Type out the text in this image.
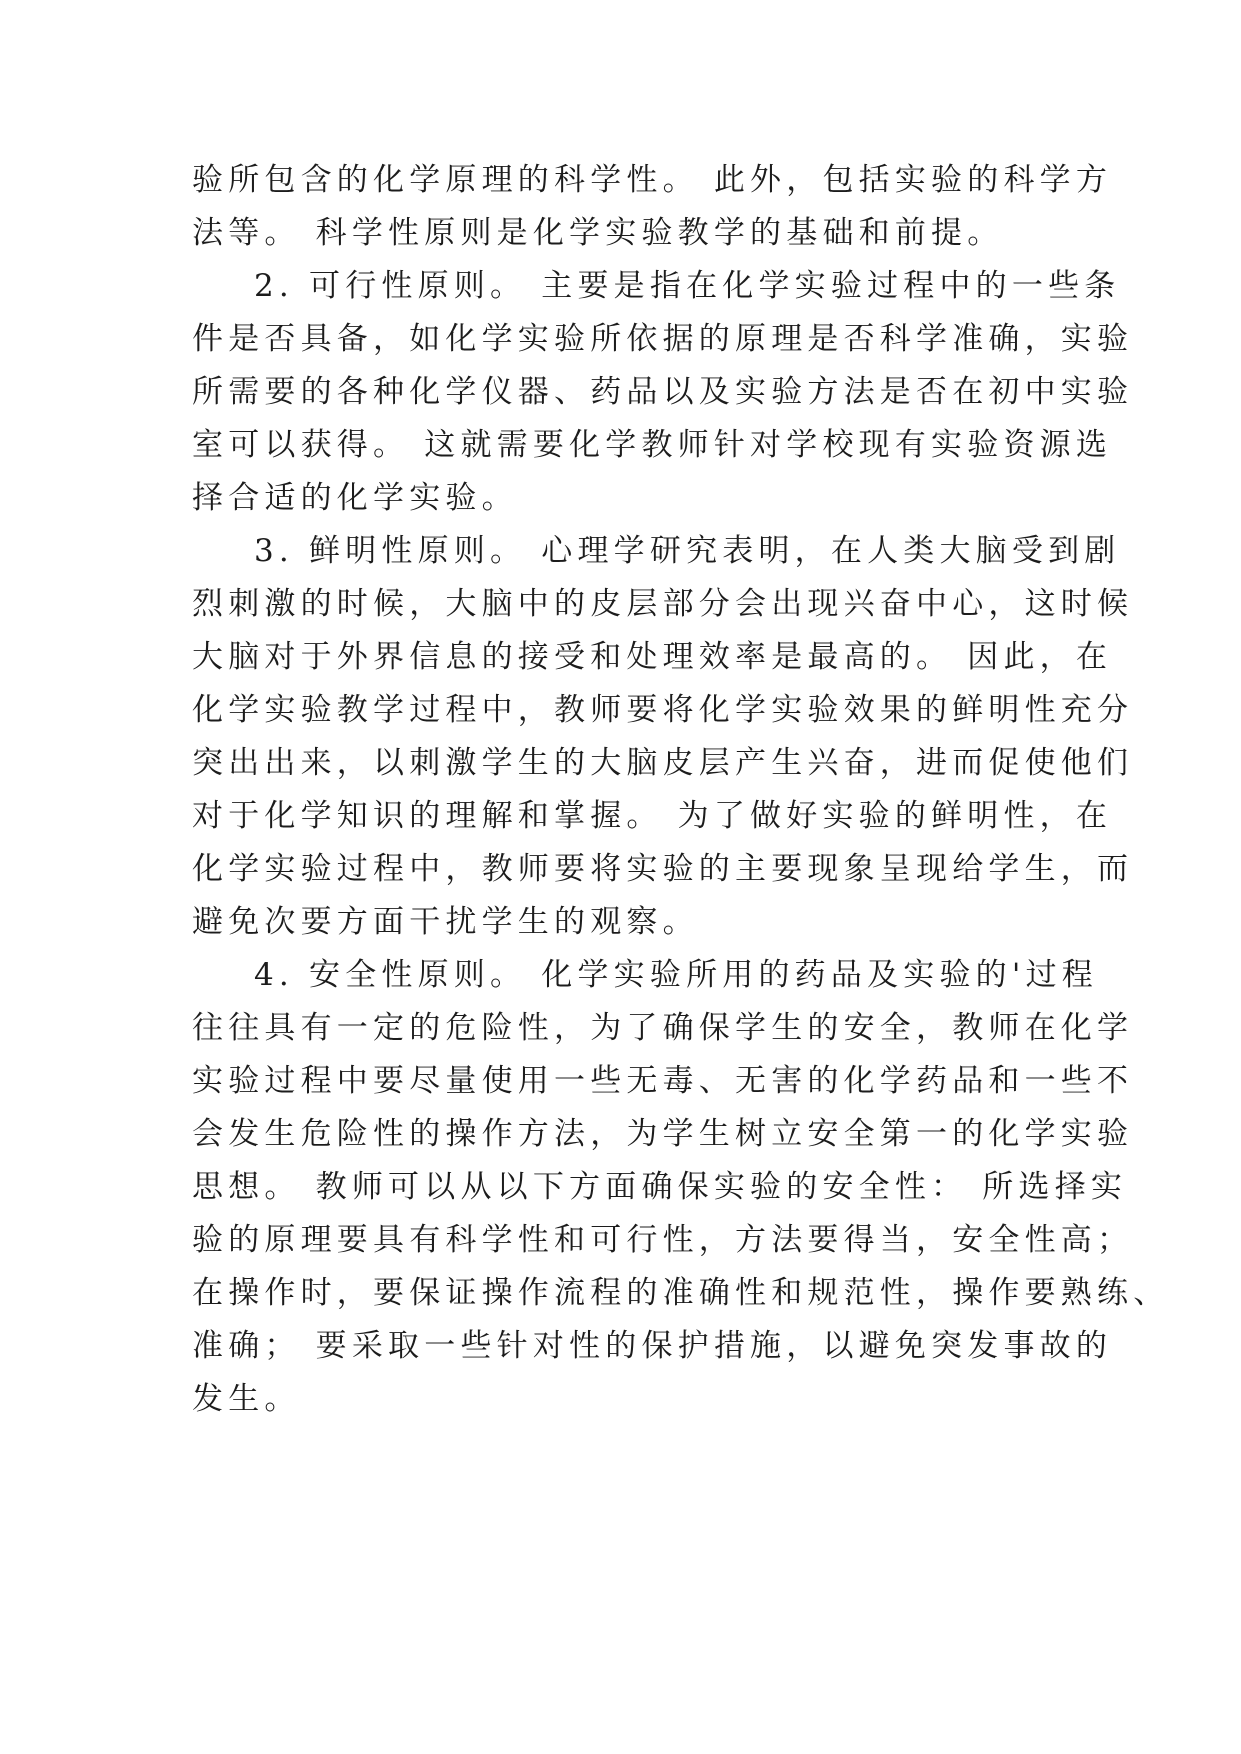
验所包含的化学原理的科学性。 此外，包括实验的科学方
法等。 科学性原则是化学实验教学的基础和前提。
2. 可行性原则。 主要是指在化学实验过程中的一些条
件是否具备，如化学实验所依据的原理是否科学准确，实验
所需要的各种化学仪器、药品以及实验方法是否在初中实验
室可以获得。 这就需要化学教师针对学校现有实验资源选
择合适的化学实验。
3. 鲜明性原则。 心理学研究表明，在人类大脑受到剧
烈刺激的时候，大脑中的皮层部分会出现兴奋中心，这时候
大脑对于外界信息的接受和处理效率是最高的。 因此，在
化学实验教学过程中，教师要将化学实验效果的鲜明性充分
突出出来，以刺激学生的大脑皮层产生兴奋，进而促使他们
对于化学知识的理解和掌握。 为了做好实验的鲜明性，在
化学实验过程中，教师要将实验的主要现象呈现给学生，而
避免次要方面干扰学生的观察。
4. 安全性原则。 化学实验所用的药品及实验的'过程
往往具有一定的危险性，为了确保学生的安全，教师在化学
实验过程中要尽量使用一些无毒、无害的化学药品和一些不
会发生危险性的操作方法，为学生树立安全第一的化学实验
思想。 教师可以从以下方面确保实验的安全性： 所选择实
验的原理要具有科学性和可行性，方法要得当，安全性高；
在操作时，要保证操作流程的准确性和规范性，操作要熟练、
准确； 要采取一些针对性的保护措施，以避免突发事故的
发生。
